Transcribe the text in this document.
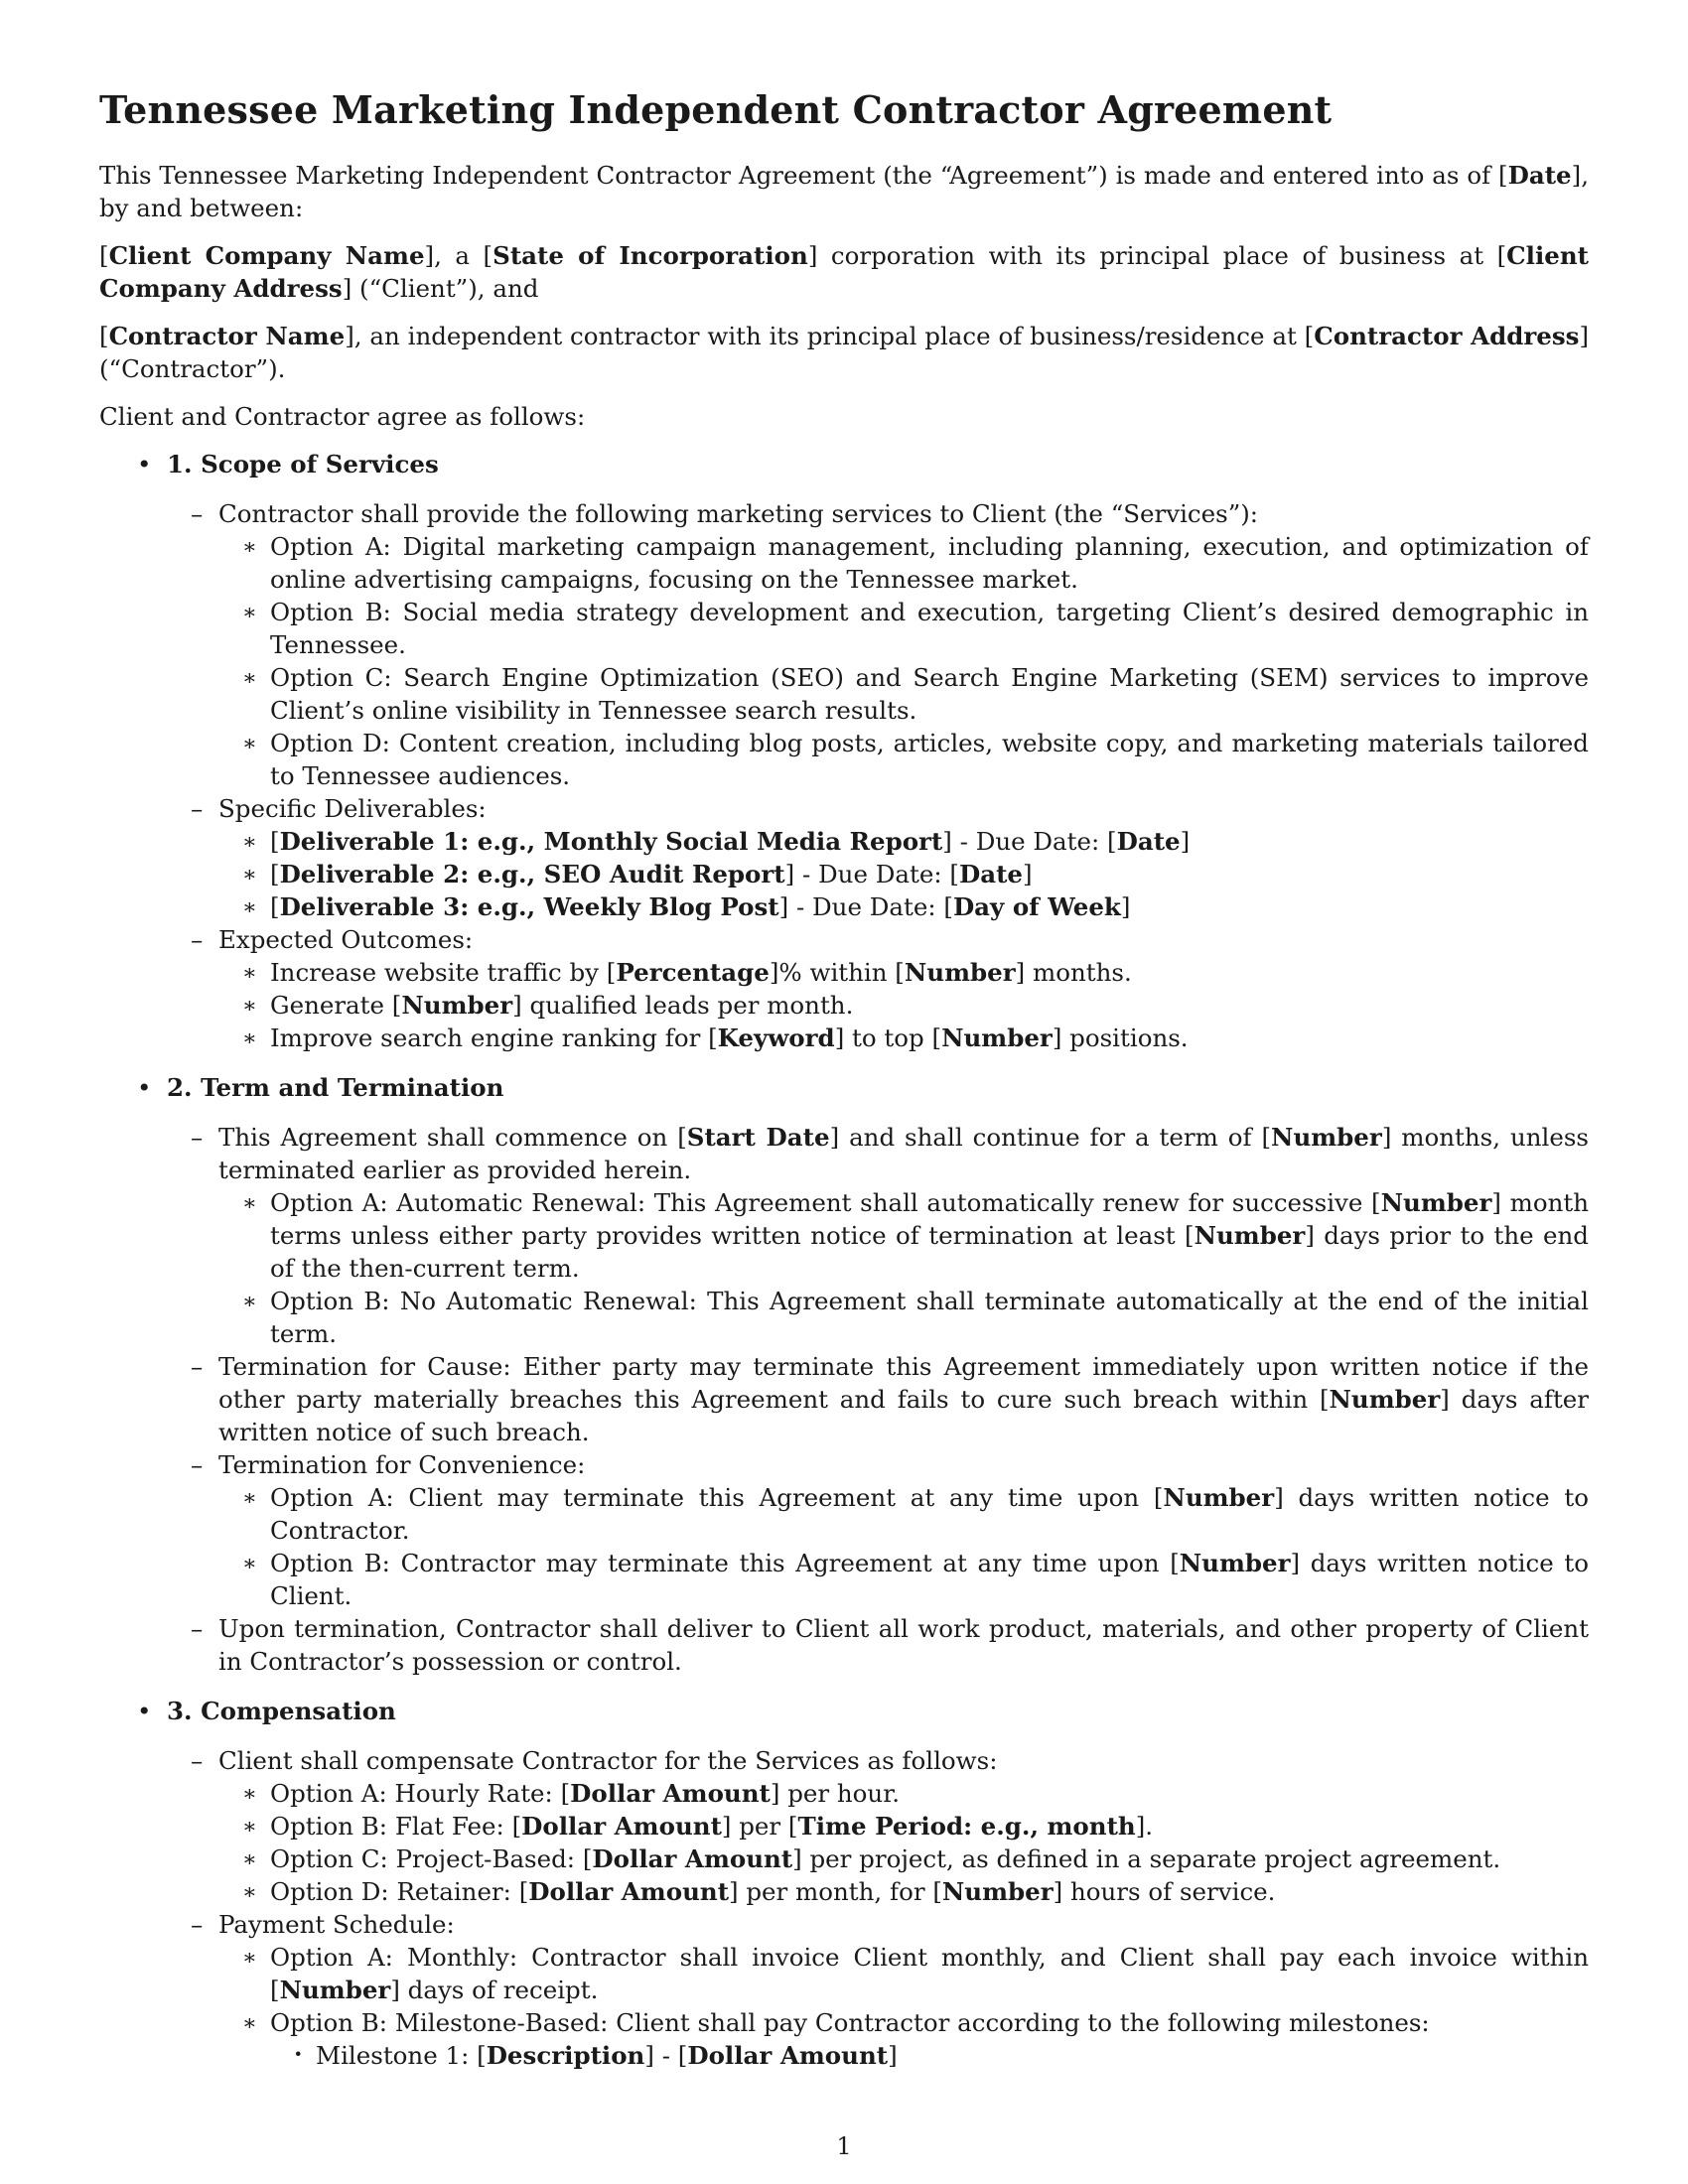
Tennessee Marketing Independent Contractor Agreement

This Tennessee Marketing Independent Contractor Agreement (the “Agreement”) is made and entered into as of [Date], by and between:

[Client Company Name], a [State of Incorporation] corporation with its principal place of business at [Client Company Address] (“Client”), and

[Contractor Name], an independent contractor with its principal place of business/residence at [Contractor Address] (“Contractor”).

Client and Contractor agree as follows:

• 1. Scope of Services
– Contractor shall provide the following marketing services to Client (the “Services”):
∗ Option A: Digital marketing campaign management, including planning, execution, and optimization of online advertising campaigns, focusing on the Tennessee market.
∗ Option B: Social media strategy development and execution, targeting Client’s desired demographic in Tennessee.
∗ Option C: Search Engine Optimization (SEO) and Search Engine Marketing (SEM) services to improve Client’s online visibility in Tennessee search results.
∗ Option D: Content creation, including blog posts, articles, website copy, and marketing materials tailored to Tennessee audiences.
– Specific Deliverables:
∗ [Deliverable 1: e.g., Monthly Social Media Report] - Due Date: [Date]
∗ [Deliverable 2: e.g., SEO Audit Report] - Due Date: [Date]
∗ [Deliverable 3: e.g., Weekly Blog Post] - Due Date: [Day of Week]
– Expected Outcomes:
∗ Increase website traffic by [Percentage]% within [Number] months.
∗ Generate [Number] qualified leads per month.
∗ Improve search engine ranking for [Keyword] to top [Number] positions.
• 2. Term and Termination
– This Agreement shall commence on [Start Date] and shall continue for a term of [Number] months, unless terminated earlier as provided herein.
∗ Option A: Automatic Renewal: This Agreement shall automatically renew for successive [Number] month terms unless either party provides written notice of termination at least [Number] days prior to the end of the then-current term.
∗ Option B: No Automatic Renewal: This Agreement shall terminate automatically at the end of the initial term.
– Termination for Cause: Either party may terminate this Agreement immediately upon written notice if the other party materially breaches this Agreement and fails to cure such breach within [Number] days after written notice of such breach.
– Termination for Convenience:
∗ Option A: Client may terminate this Agreement at any time upon [Number] days written notice to Contractor.
∗ Option B: Contractor may terminate this Agreement at any time upon [Number] days written notice to Client.
– Upon termination, Contractor shall deliver to Client all work product, materials, and other property of Client in Contractor’s possession or control.
• 3. Compensation
– Client shall compensate Contractor for the Services as follows:
∗ Option A: Hourly Rate: [Dollar Amount] per hour.
∗ Option B: Flat Fee: [Dollar Amount] per [Time Period: e.g., month].
∗ Option C: Project-Based: [Dollar Amount] per project, as defined in a separate project agreement.
∗ Option D: Retainer: [Dollar Amount] per month, for [Number] hours of service.
– Payment Schedule:
∗ Option A: Monthly: Contractor shall invoice Client monthly, and Client shall pay each invoice within [Number] days of receipt.
∗ Option B: Milestone-Based: Client shall pay Contractor according to the following milestones:
· Milestone 1: [Description] - [Dollar Amount]
1
